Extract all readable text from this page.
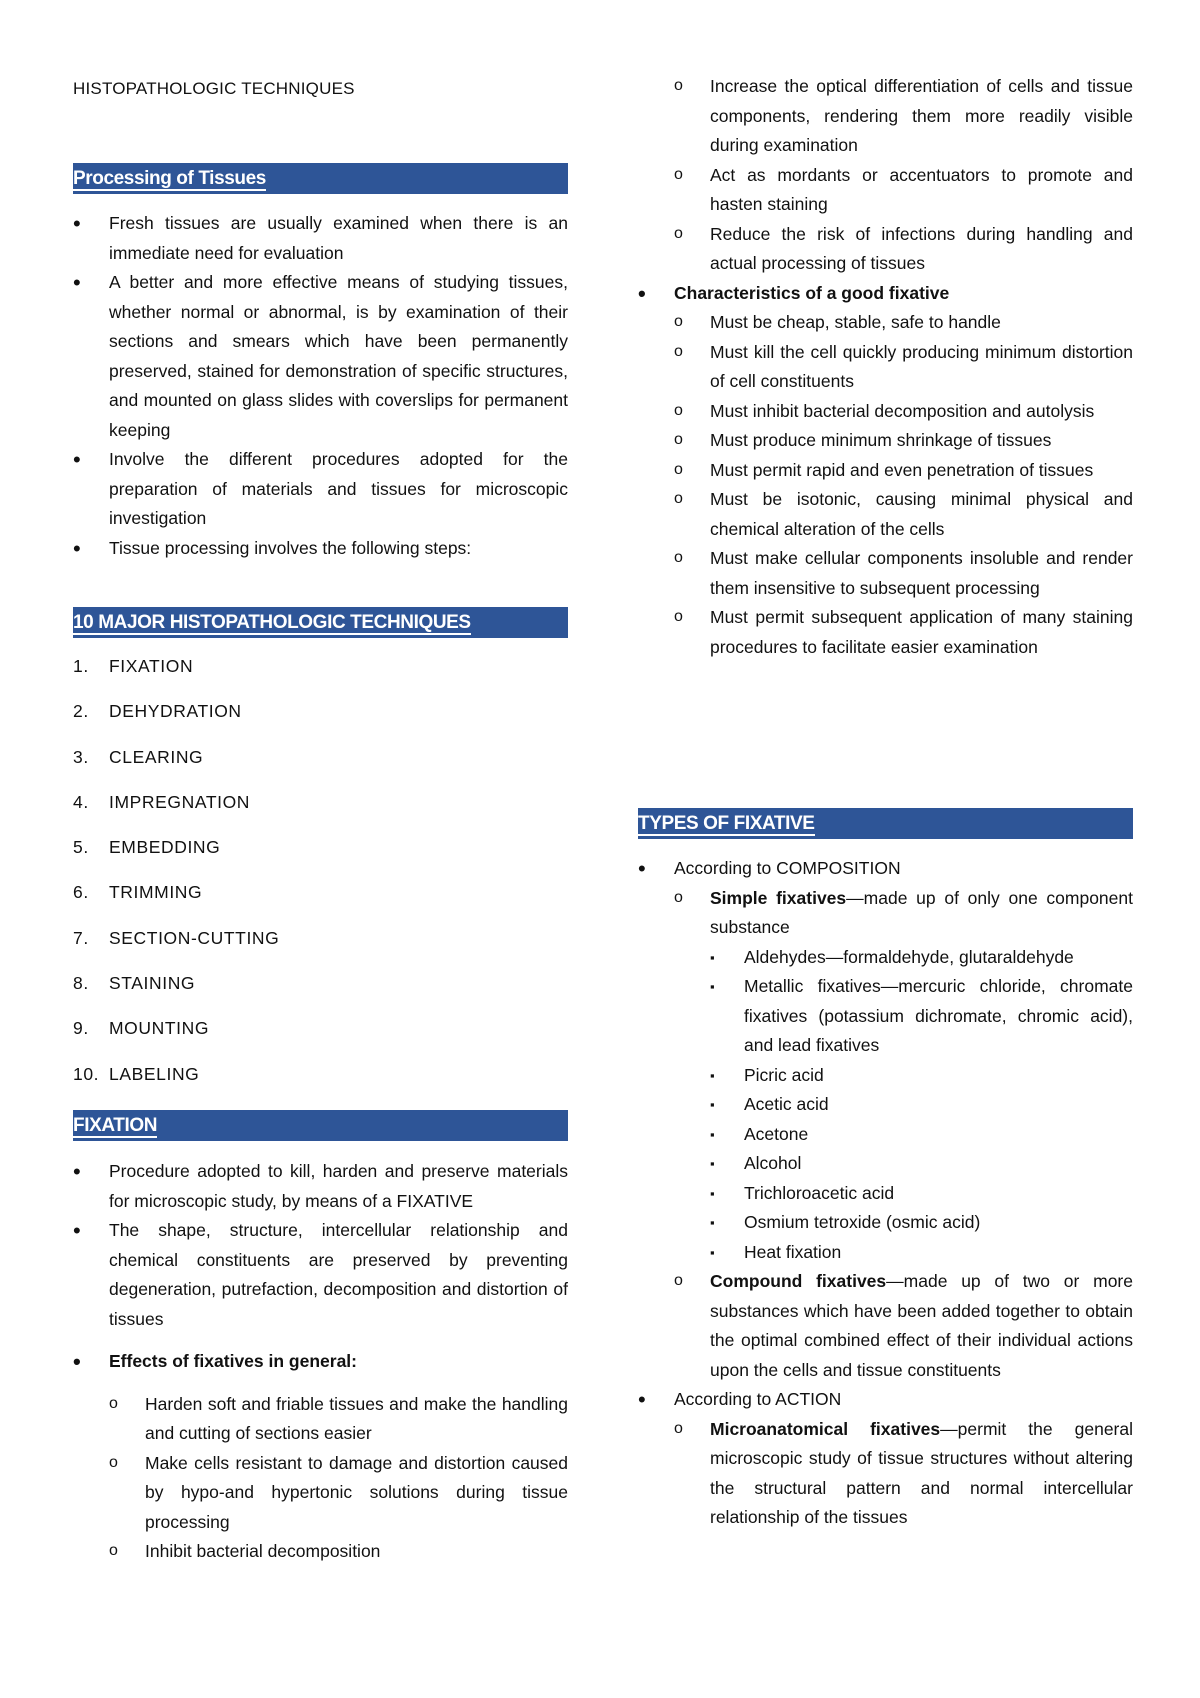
HISTOPATHOLOGIC TECHNIQUES
Processing of Tissues
• Fresh tissues are usually examined when there is an immediate need for evaluation
• A better and more effective means of studying tissues, whether normal or abnormal, is by examination of their sections and smears which have been permanently preserved, stained for demonstration of specific structures, and mounted on glass slides with coverslips for permanent keeping
• Involve the different procedures adopted for the preparation of materials and tissues for microscopic investigation
• Tissue processing involves the following steps:
10 MAJOR HISTOPATHOLOGIC TECHNIQUES
1.	FIXATION
2.	DEHYDRATION
3.	CLEARING
4.	IMPREGNATION
5.	EMBEDDING
6.	TRIMMING
7.	SECTION-CUTTING
8.	STAINING
9.	MOUNTING
10. LABELING
FIXATION
• Procedure adopted to kill, harden and preserve materials for microscopic study, by means of a FIXATIVE
• The shape, structure, intercellular relationship and chemical constituents are preserved by preventing degeneration, putrefaction, decomposition and distortion of tissues
• Effects of fixatives in general:
o Harden soft and friable tissues and make the handling and cutting of sections easier
o Make cells resistant to damage and distortion caused by hypo-and hypertonic solutions during tissue processing
o Inhibit bacterial decomposition
o Increase the optical differentiation of cells and tissue components, rendering them more readily visible during examination
o Act as mordants or accentuators to promote and hasten staining
o Reduce the risk of infections during handling and actual processing of tissues
• Characteristics of a good fixative
o Must be cheap, stable, safe to handle
o Must kill the cell quickly producing minimum distortion of cell constituents
o Must inhibit bacterial decomposition and autolysis
o Must produce minimum shrinkage of tissues
o Must permit rapid and even penetration of tissues
o Must be isotonic, causing minimal physical and chemical alteration of the cells
o Must make cellular components insoluble and render them insensitive to subsequent processing
o Must permit subsequent application of many staining procedures to facilitate easier examination
TYPES OF FIXATIVE
• According to COMPOSITION
o Simple fixatives—made up of only one component substance
▪ Aldehydes—formaldehyde, glutaraldehyde
▪ Metallic fixatives—mercuric chloride, chromate fixatives (potassium dichromate, chromic acid), and lead fixatives
▪ Picric acid
▪ Acetic acid
▪ Acetone
▪ Alcohol
▪ Trichloroacetic acid
▪ Osmium tetroxide (osmic acid)
▪ Heat fixation
o Compound fixatives—made up of two or more substances which have been added together to obtain the optimal combined effect of their individual actions upon the cells and tissue constituents
• According to ACTION
o Microanatomical fixatives—permit the general microscopic study of tissue structures without altering the structural pattern and normal intercellular relationship of the tissues
